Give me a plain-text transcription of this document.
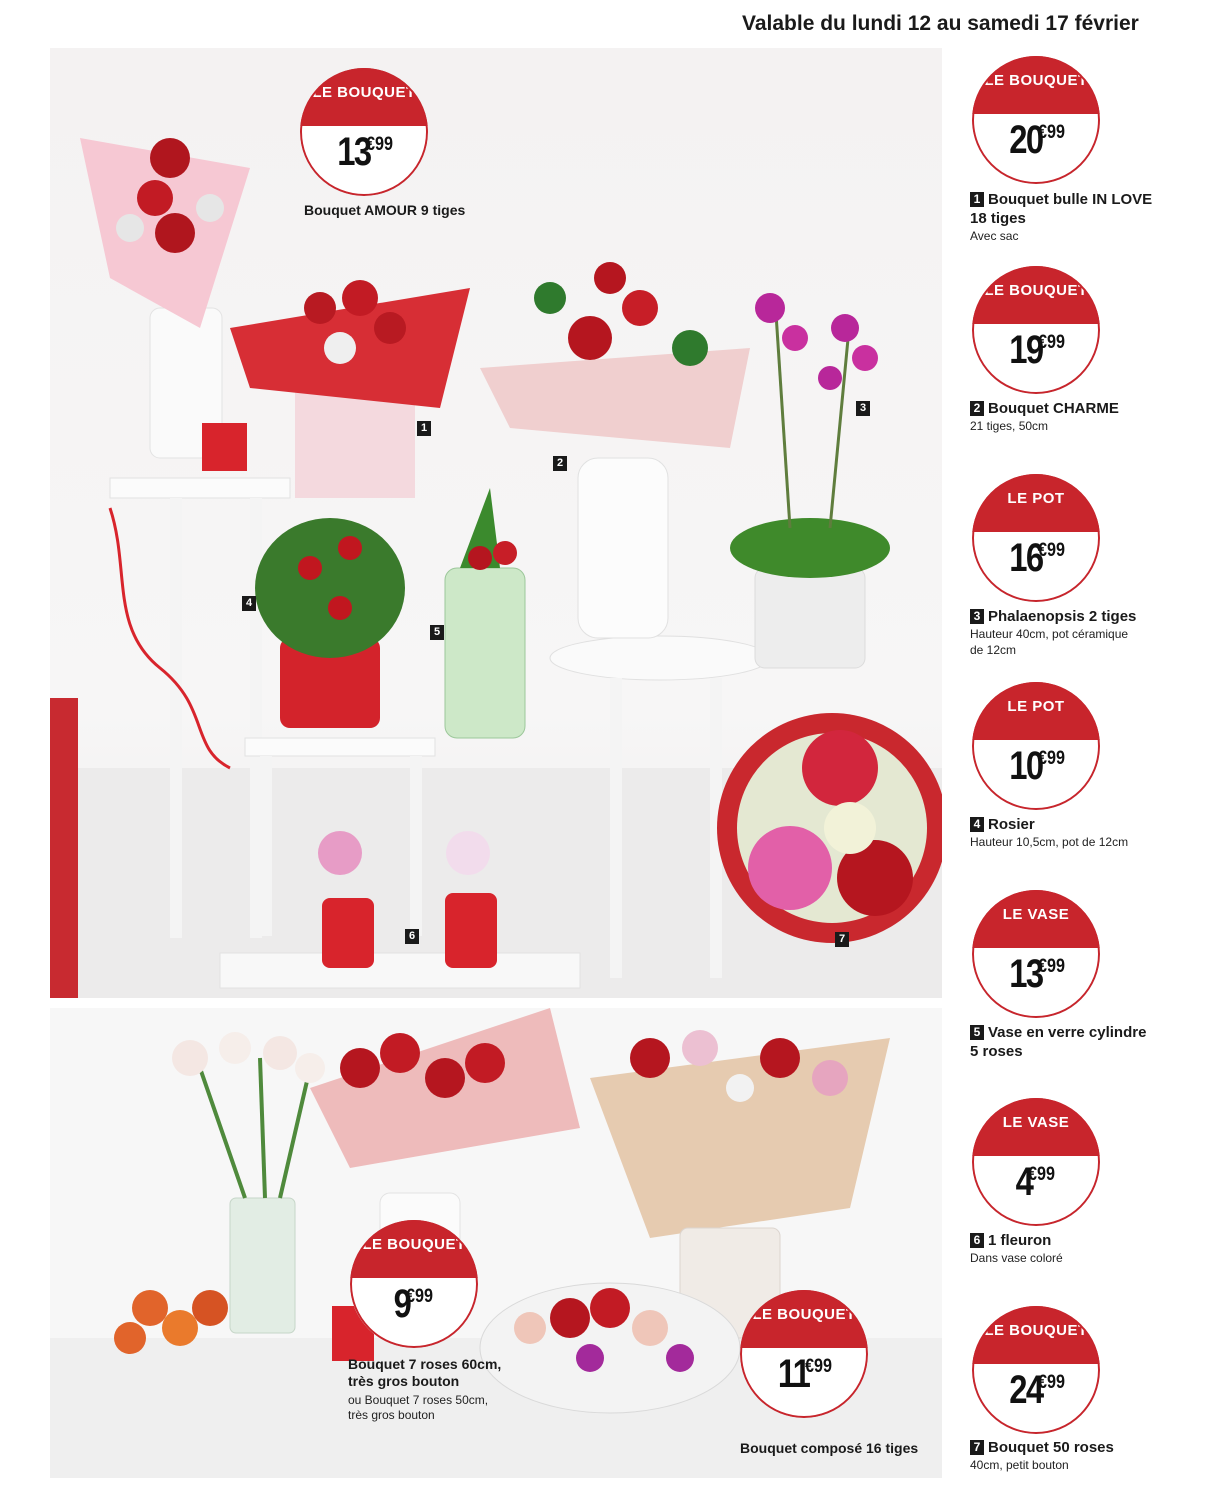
Valable du lundi 12 au samedi 17 février
LE BOUQUET
13€99
Bouquet AMOUR 9 tiges
1
2
3
4
5
6	7
LE BOUQUET
9€99
Bouquet 7 roses 60cm,
très gros bouton
ou Bouquet 7 roses 50cm,
très gros bouton
LE BOUQUET
11€99
Bouquet composé 16 tiges
LE BOUQUET
20€99
1 Bouquet bulle IN LOVE
18 tiges
Avec sac
LE BOUQUET
19€99
2 Bouquet CHARME
21 tiges, 50cm
LE POT
16€99
3 Phalaenopsis 2 tiges
Hauteur 40cm, pot céramique
de 12cm
LE POT
10€99
4 Rosier
Hauteur 10,5cm, pot de 12cm
LE VASE
13€99
5 Vase en verre cylindre
5 roses
LE VASE
4€99
6 1 fleuron
Dans vase coloré
LE BOUQUET
24€99
7 Bouquet 50 roses
40cm, petit bouton
